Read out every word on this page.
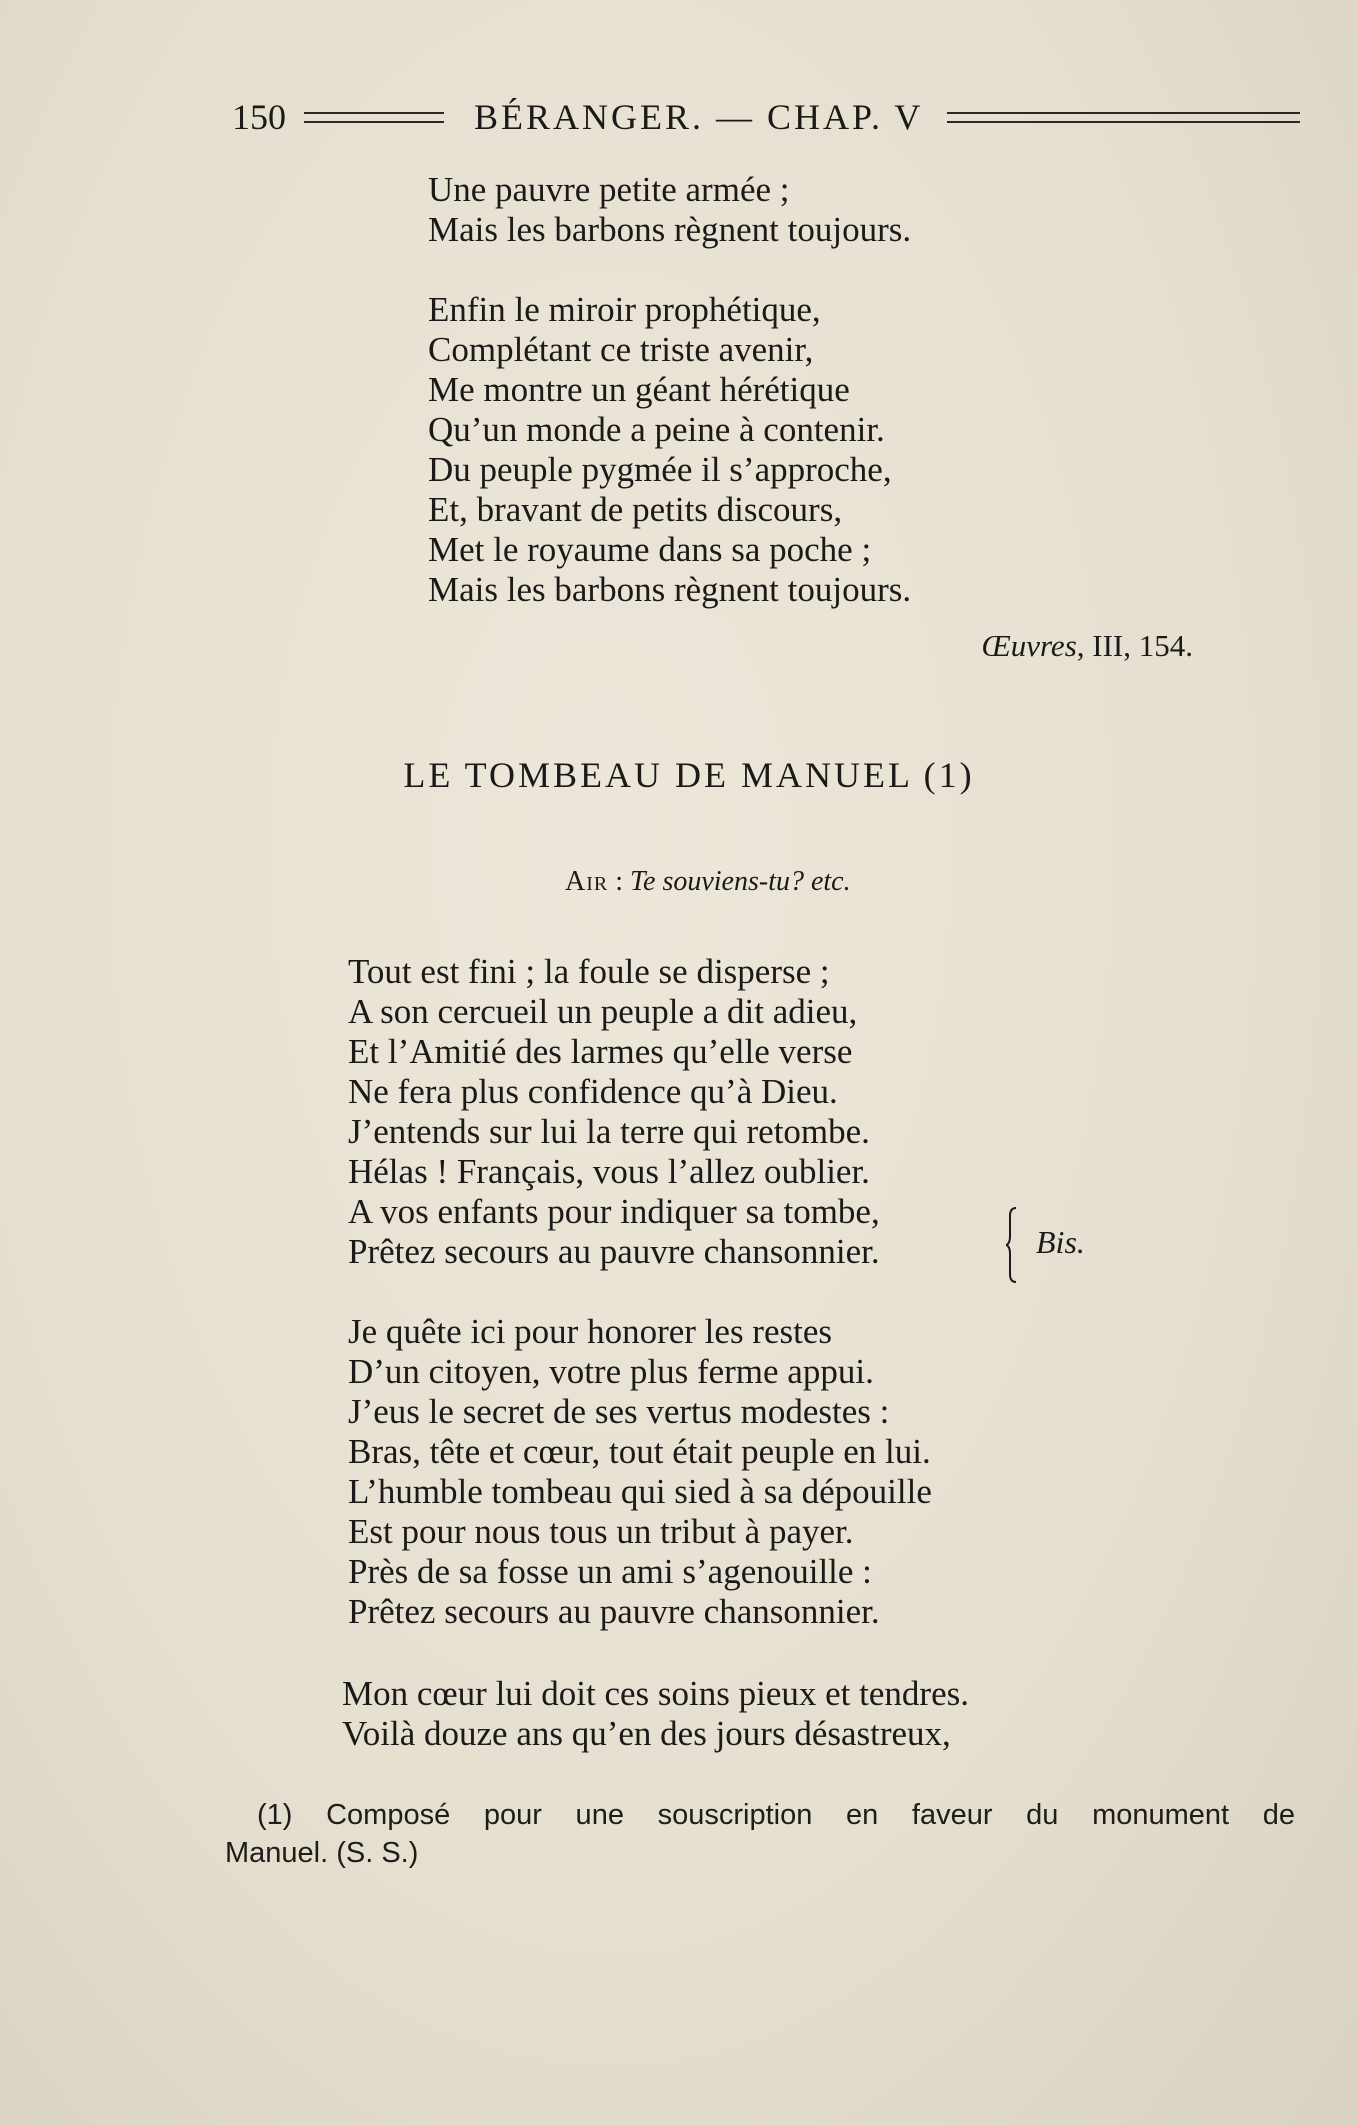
150	BÉRANGER. — CHAP. V
Une pauvre petite armée ;
Mais les barbons règnent toujours.
Enfin le miroir prophétique,
Complétant ce triste avenir,
Me montre un géant hérétique
Qu’un monde a peine à contenir.
Du peuple pygmée il s’approche,
Et, bravant de petits discours,
Met le royaume dans sa poche ;
Mais les barbons règnent toujours.
Œuvres, III, 154.
LE TOMBEAU DE MANUEL (1)
Air : Te souviens-tu? etc.
Tout est fini ; la foule se disperse ;
A son cercueil un peuple a dit adieu,
Et l’Amitié des larmes qu’elle verse
Ne fera plus confidence qu’à Dieu.
J’entends sur lui la terre qui retombe.
Hélas ! Français, vous l’allez oublier.
A vos enfants pour indiquer sa tombe,
Prêtez secours au pauvre chansonnier.	Bis.
Je quête ici pour honorer les restes
D’un citoyen, votre plus ferme appui.
J’eus le secret de ses vertus modestes :
Bras, tête et cœur, tout était peuple en lui.
L’humble tombeau qui sied à sa dépouille
Est pour nous tous un tribut à payer.
Près de sa fosse un ami s’agenouille :
Prêtez secours au pauvre chansonnier.
Mon cœur lui doit ces soins pieux et tendres.
Voilà douze ans qu’en des jours désastreux,
(1) Composé pour une souscription en faveur du monument de
Manuel. (S. S.)
